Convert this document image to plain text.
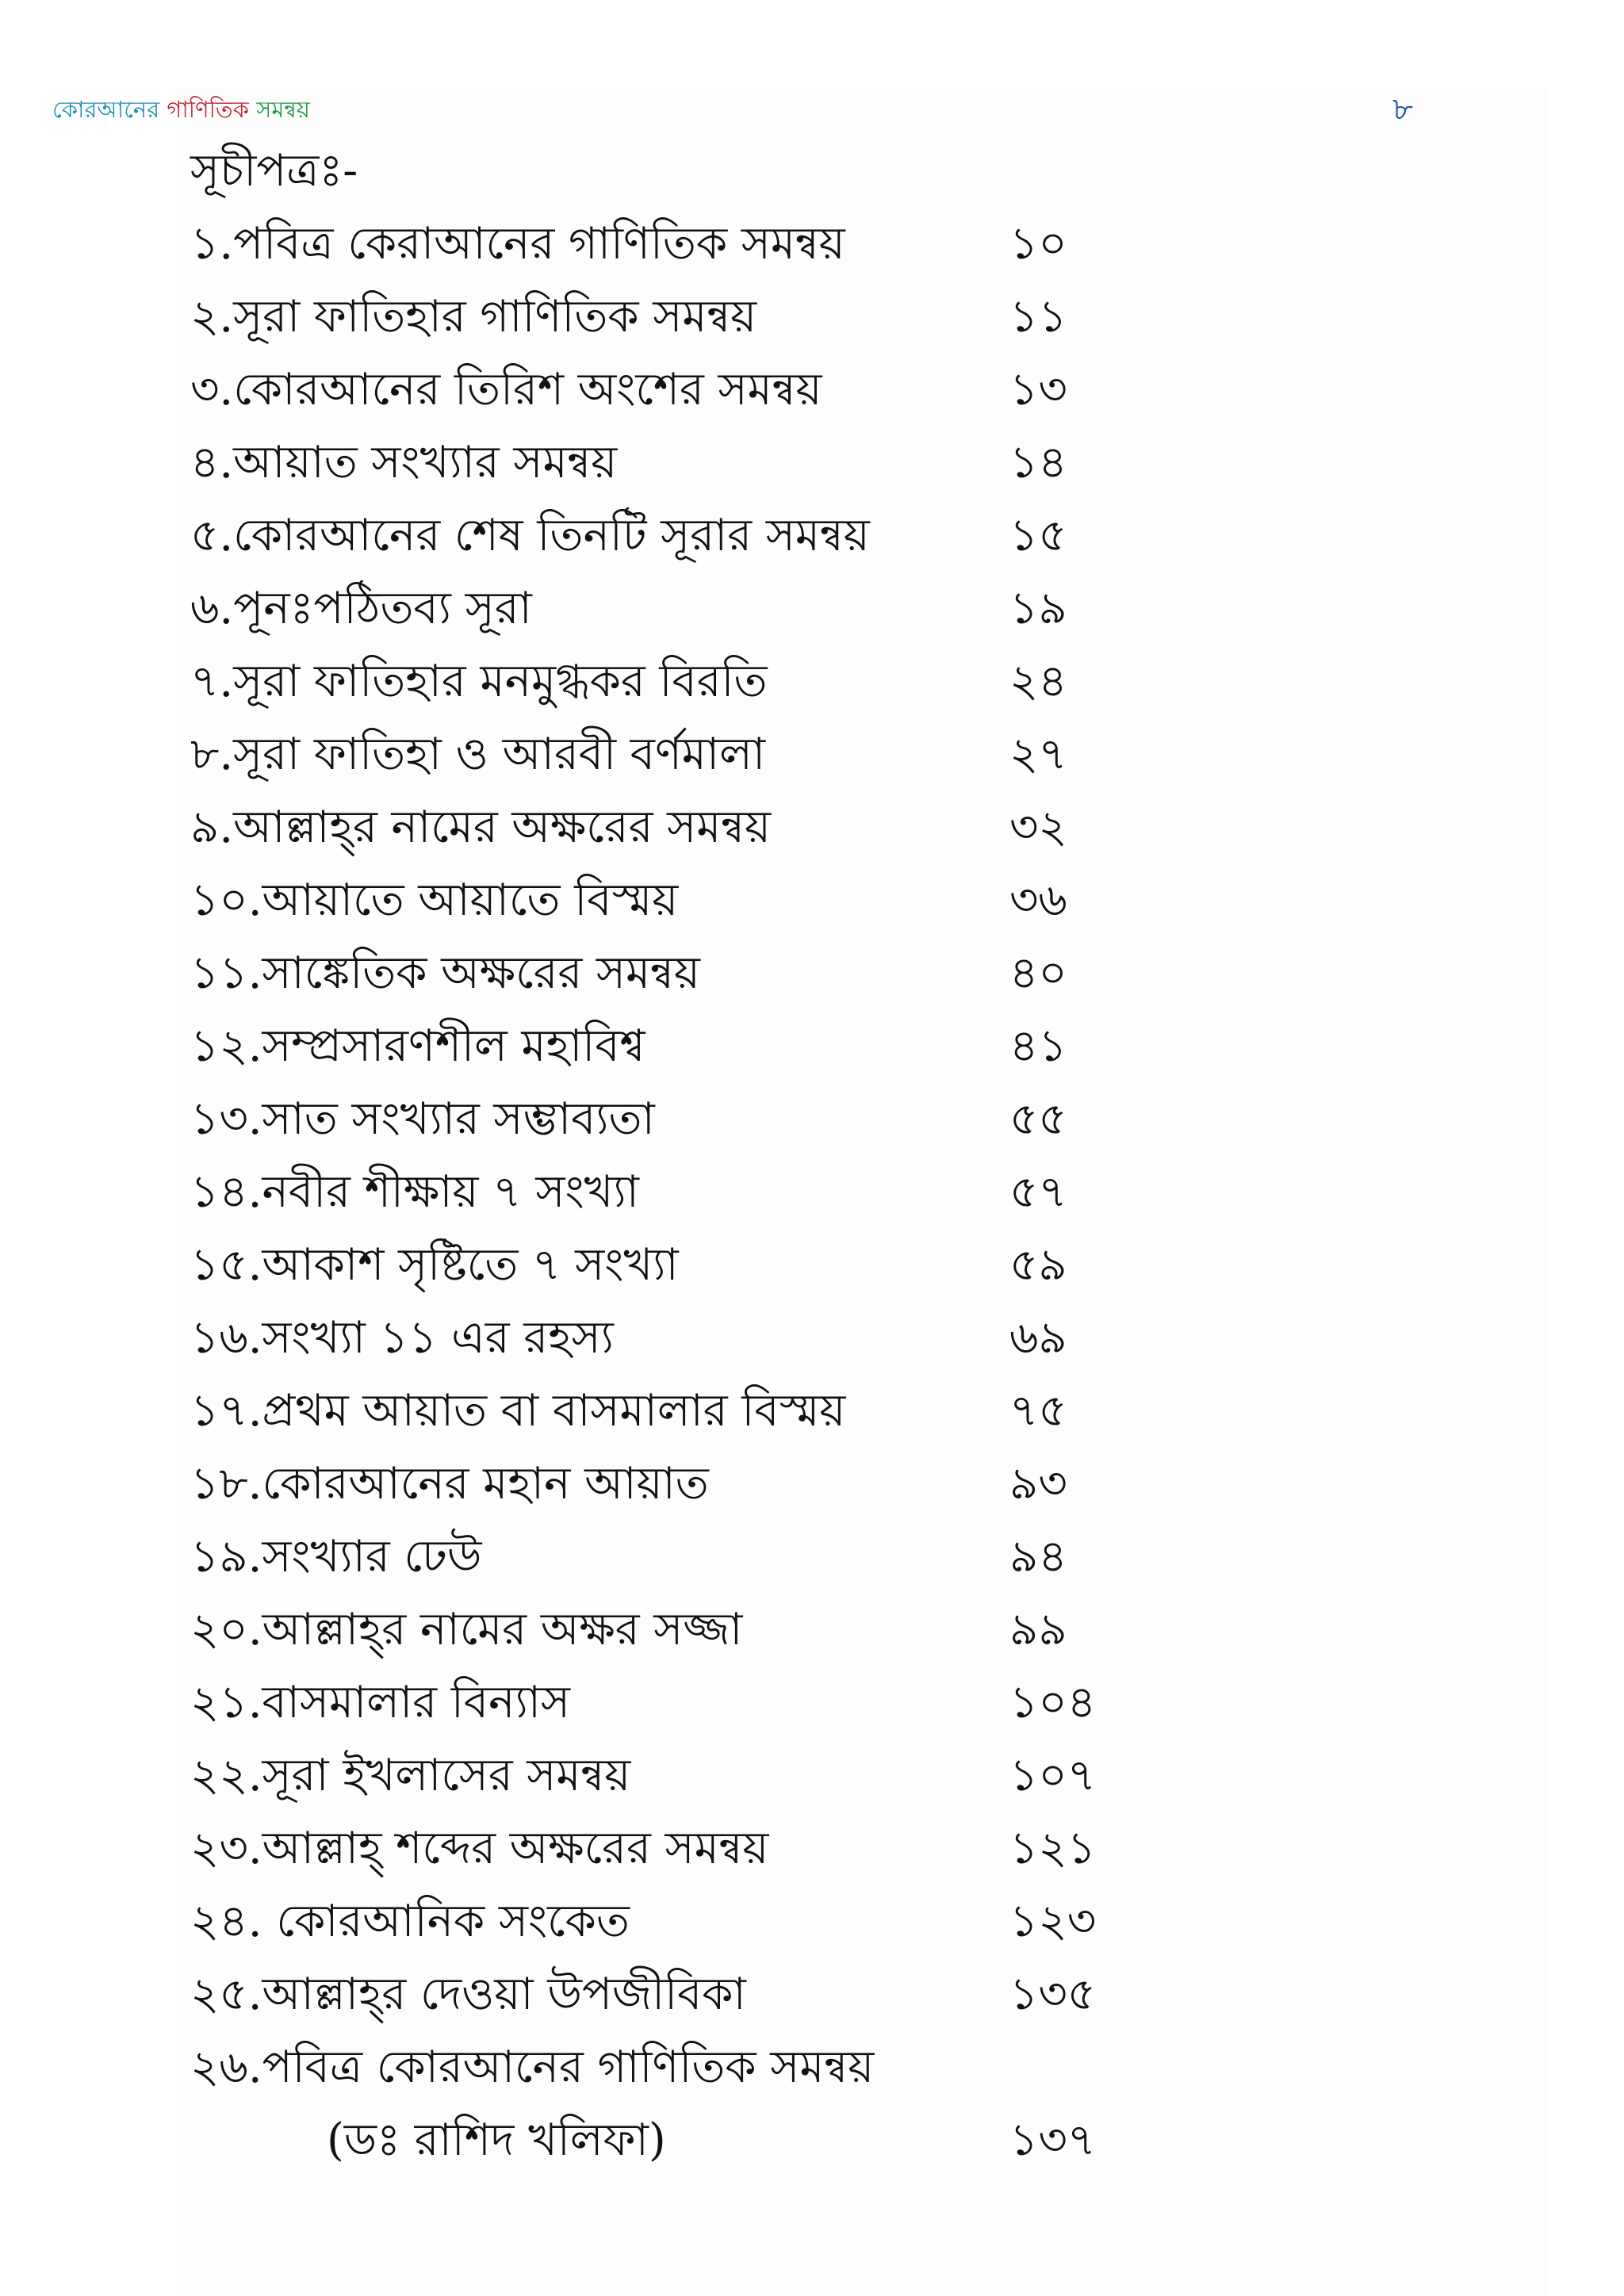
কোরআনের গাণিতিক সমন্বয়	৮
সূচীপত্রঃ-
১.পবিত্র কেরাআনের গাণিতিক সমন্বয়	১০
২.সূরা ফাতিহার গাণিতিক সমন্বয়	১১
৩.কোরআনের তিরিশ অংশের সমন্বয়	১৩
৪.আয়াত সংখ্যার সমন্বয়	১৪
৫.কোরআনের শেষ তিনটি সূরার সমন্বয়	১৫
৬.পূনঃপঠিতব্য সূরা	১৯
৭.সূরা ফাতিহার মনমুগ্ধকর বিরতি	২৪
৮.সূরা ফাতিহা ও আরবী বর্ণমালা	২৭
৯.আল্লাহ্‌র নামের অক্ষরের সমন্বয়	৩২
১০.আয়াতে আয়াতে বিস্ময়	৩৬
১১.সাঙ্কেতিক অক্ষরের সমন্বয়	৪০
১২.সম্প্রসারণশীল মহাবিশ্ব	৪১
১৩.সাত সংখ্যার সম্ভাব্যতা	৫৫
১৪.নবীর শীক্ষায় ৭ সংখ্যা	৫৭
১৫.আকাশ সৃষ্টিতে ৭ সংখ্যা	৫৯
১৬.সংখ্যা ১১ এর রহস্য	৬৯
১৭.প্রথম আয়াত বা বাসমালার বিস্ময়	৭৫
১৮.কোরআনের মহান আয়াত	৯৩
১৯.সংখ্যার ঢেউ	৯৪
২০.আল্লাহ্‌র নামের অক্ষর সজ্জা	৯৯
২১.বাসমালার বিন্যাস	১০৪
২২.সূরা ইখলাসের সমন্বয়	১০৭
২৩.আল্লাহ্‌ শব্দের অক্ষরের সমন্বয়	১২১
২৪. কোরআনিক সংকেত	১২৩
২৫.আল্লাহ্‌র দেওয়া উপজীবিকা	১৩৫
২৬.পবিত্র কোরআনের গাণিতিক সমন্বয়
(ডঃ রাশিদ খলিফা)	১৩৭
